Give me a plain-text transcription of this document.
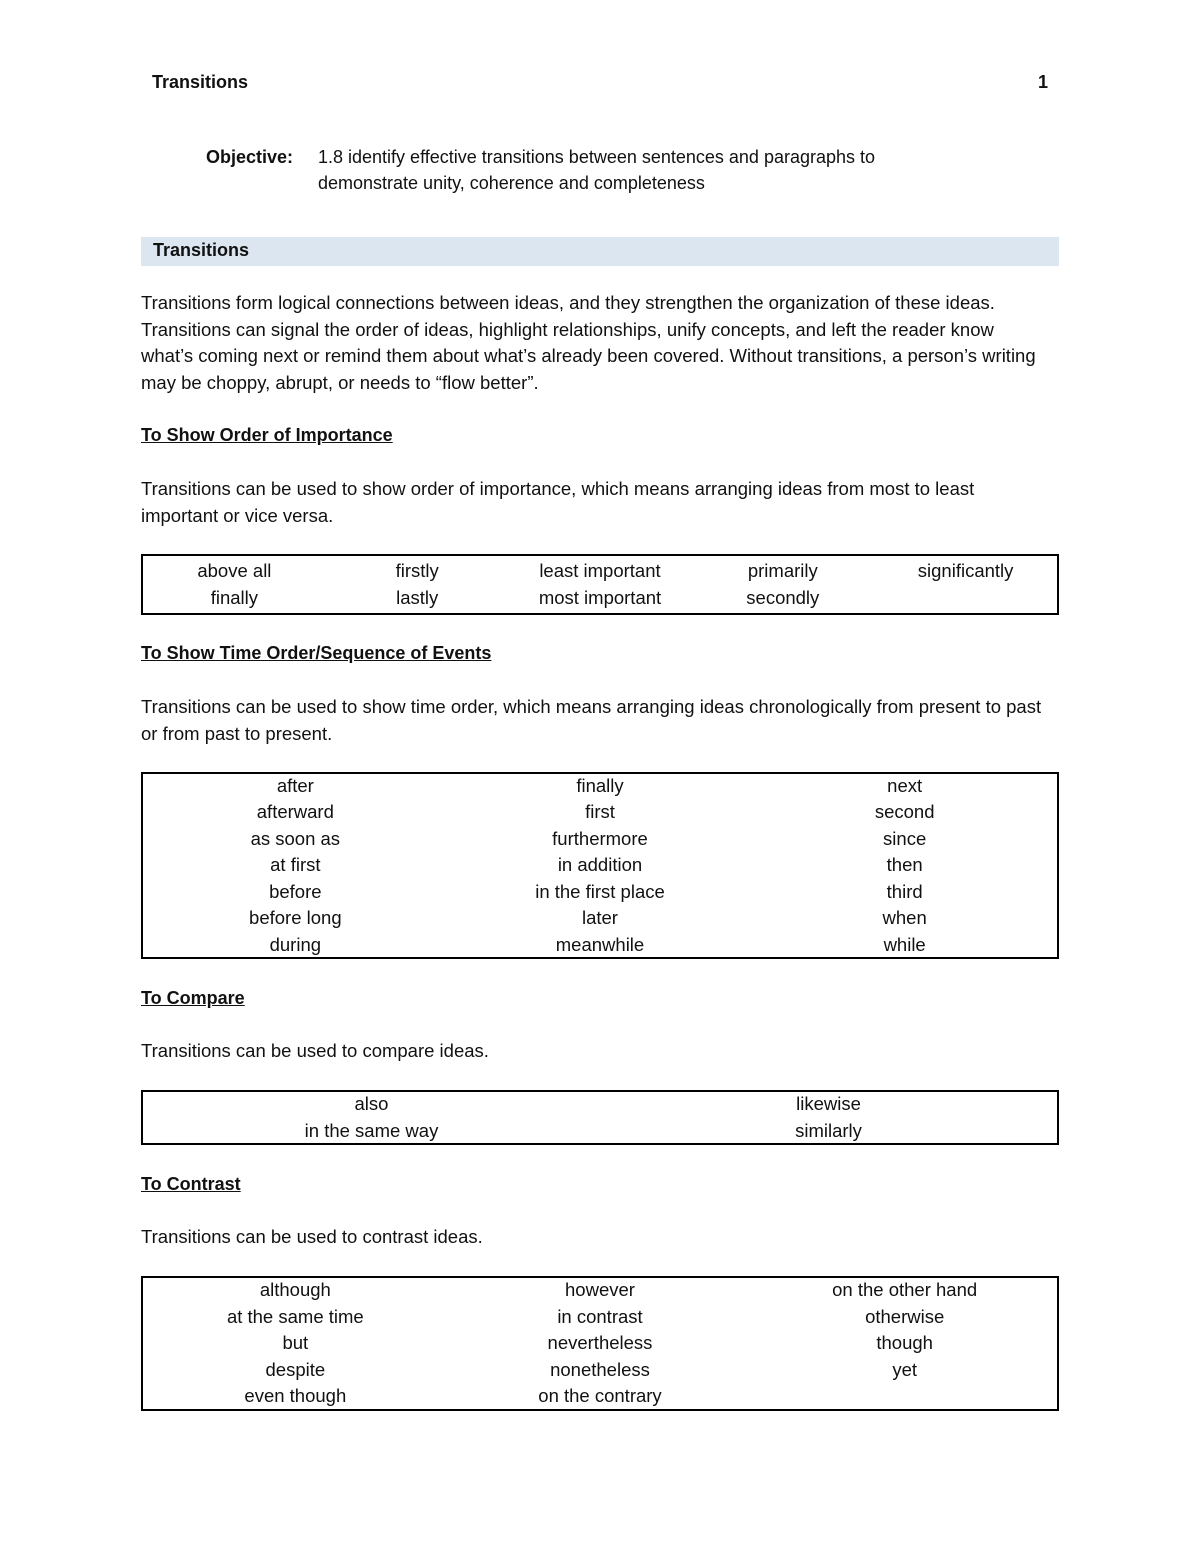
Transitions	1
Objective: 1.8 identify effective transitions between sentences and paragraphs to demonstrate unity, coherence and completeness
Transitions
Transitions form logical connections between ideas, and they strengthen the organization of these ideas. Transitions can signal the order of ideas, highlight relationships, unify concepts, and left the reader know what’s coming next or remind them about what’s already been covered. Without transitions, a person’s writing may be choppy, abrupt, or needs to “flow better”.
To Show Order of Importance
Transitions can be used to show order of importance, which means arranging ideas from most to least important or vice versa.
above all	firstly	least important	primarily	significantly
finally	lastly	most important	secondly
To Show Time Order/Sequence of Events
Transitions can be used to show time order, which means arranging ideas chronologically from present to past or from past to present.
after	finally	next
afterward	first	second
as soon as	furthermore	since
at first	in addition	then
before	in the first place	third
before long	later	when
during	meanwhile	while
To Compare
Transitions can be used to compare ideas.
also	likewise
in the same way	similarly
To Contrast
Transitions can be used to contrast ideas.
although	however	on the other hand
at the same time	in contrast	otherwise
but	nevertheless	though
despite	nonetheless	yet
even though	on the contrary
